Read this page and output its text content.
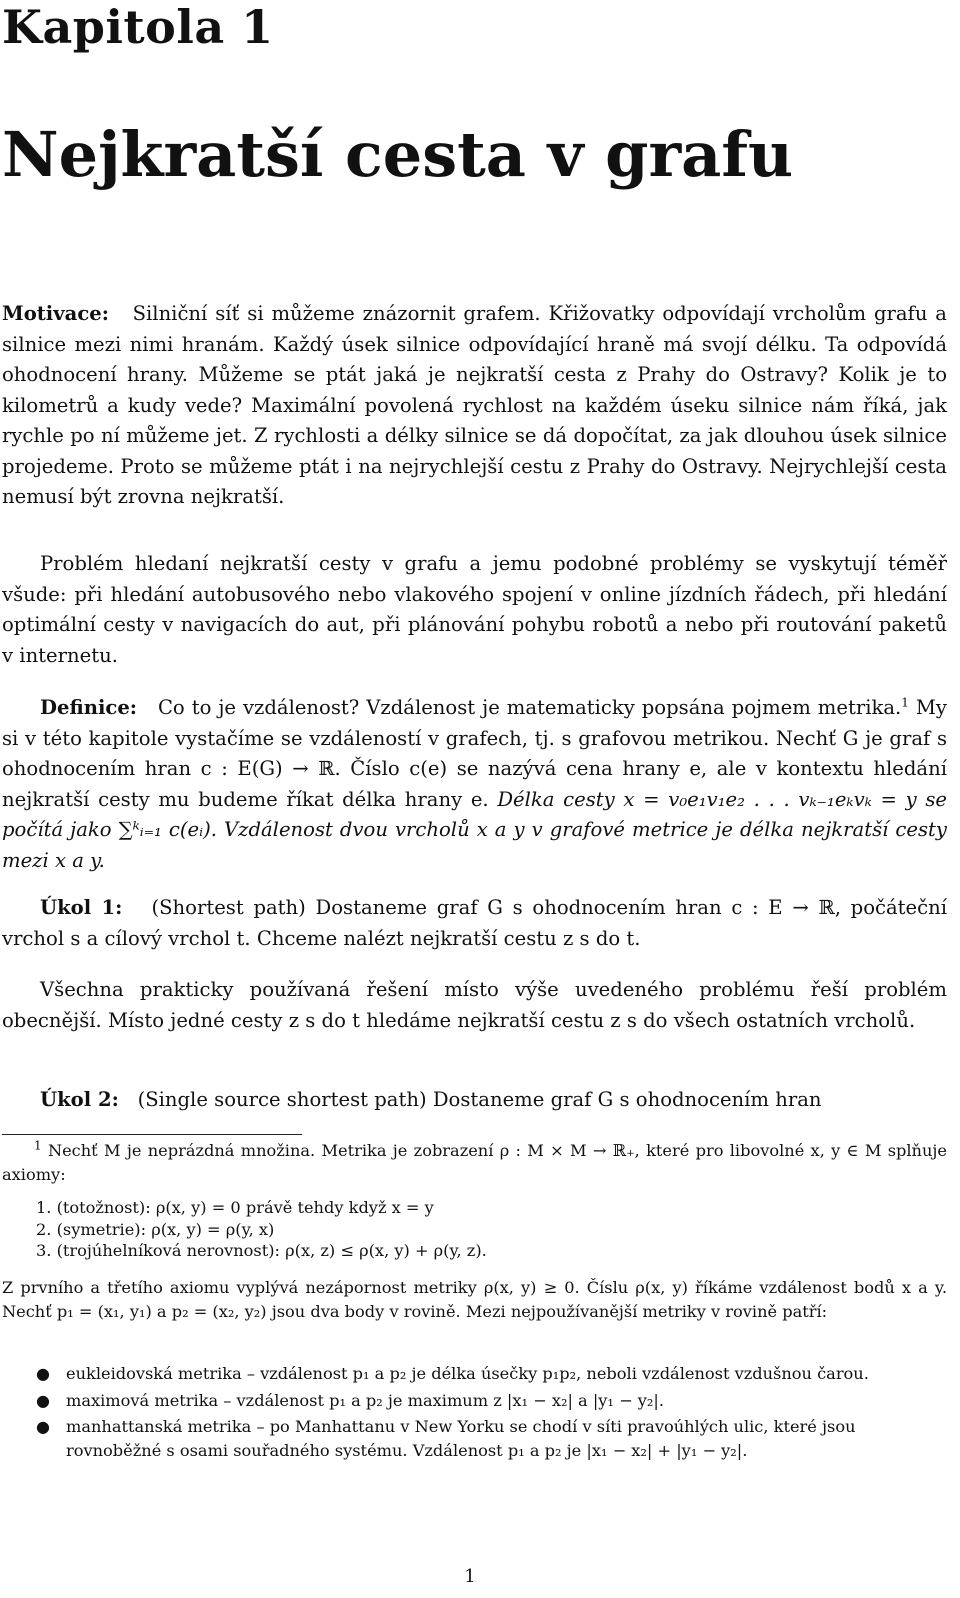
Kapitola 1
Nejkratší cesta v grafu

Motivace: Silniční síť si můžeme znázornit grafem. Křižovatky odpovídají vrcholům grafu a silnice mezi nimi hranám. Každý úsek silnice odpovídající hraně má svojí délku. Ta odpovídá ohodnocení hrany. Můžeme se ptát jaká je nejkratší cesta z Prahy do Ostravy? Kolik je to kilometrů a kudy vede? Maximální povolená rychlost na každém úseku silnice nám říká, jak rychle po ní můžeme jet. Z rychlosti a délky silnice se dá dopočítat, za jak dlouhou úsek silnice projedeme. Proto se můžeme ptát i na nejrychlejší cestu z Prahy do Ostravy. Nejrychlejší cesta nemusí být zrovna nejkratší.

Problém hledaní nejkratší cesty v grafu a jemu podobné problémy se vyskytují téměř všude: při hledání autobusového nebo vlakového spojení v online jízdních řádech, při hledání optimální cesty v navigacích do aut, při plánování pohybu robotů a nebo při routování paketů v internetu.

Definice: Co to je vzdálenost? Vzdálenost je matematicky popsána pojmem metrika.$^1$ My si v této kapitole vystačíme se vzdáleností v grafech, tj. s grafovou metrikou. Nechť G je graf s ohodnocením hran c : E(G) → ℝ. Číslo c(e) se nazývá cena hrany e, ale v kontextu hledání nejkratší cesty mu budeme říkat délka hrany e. Délka cesty x = v₀e₁v₁e₂ . . . vₖ₋₁eₖvₖ = y se počítá jako ∑ᵏᵢ₌₁ c(eᵢ). Vzdálenost dvou vrcholů x a y v grafové metrice je délka nejkratší cesty mezi x a y.

Úkol 1: (Shortest path) Dostaneme graf G s ohodnocením hran c : E → ℝ, počáteční vrchol s a cílový vrchol t. Chceme nalézt nejkratší cestu z s do t.

Všechna prakticky používaná řešení místo výše uvedeného problému řeší problém obecnější. Místo jedné cesty z s do t hledáme nejkratší cestu z s do všech ostatních vrcholů.

Úkol 2: (Single source shortest path) Dostaneme graf G s ohodnocením hran

$^1$ Nechť M je neprázdná množina. Metrika je zobrazení ρ : M × M → ℝ₊, které pro libovolné x, y ∈ M splňuje axiomy:

1. (totožnost): ρ(x, y) = 0 právě tehdy když x = y
2. (symetrie): ρ(x, y) = ρ(y, x)
3. (trojúhelníková nerovnost): ρ(x, z) ≤ ρ(x, y) + ρ(y, z).

Z prvního a třetího axiomu vyplývá nezápornost metriky ρ(x, y) ≥ 0. Číslu ρ(x, y) říkáme vzdálenost bodů x a y. Nechť p₁ = (x₁, y₁) a p₂ = (x₂, y₂) jsou dva body v rovině. Mezi nejpoužívanější metriky v rovině patří:

● eukleidovská metrika – vzdálenost p₁ a p₂ je délka úsečky p₁p₂, neboli vzdálenost vzdušnou čarou.
● maximová metrika – vzdálenost p₁ a p₂ je maximum z |x₁ − x₂| a |y₁ − y₂|.
● manhattanská metrika – po Manhattanu v New Yorku se chodí v síti pravoúhlých ulic, které jsou rovnoběžné s osami souřadného systému. Vzdálenost p₁ a p₂ je |x₁ − x₂| + |y₁ − y₂|.
1
